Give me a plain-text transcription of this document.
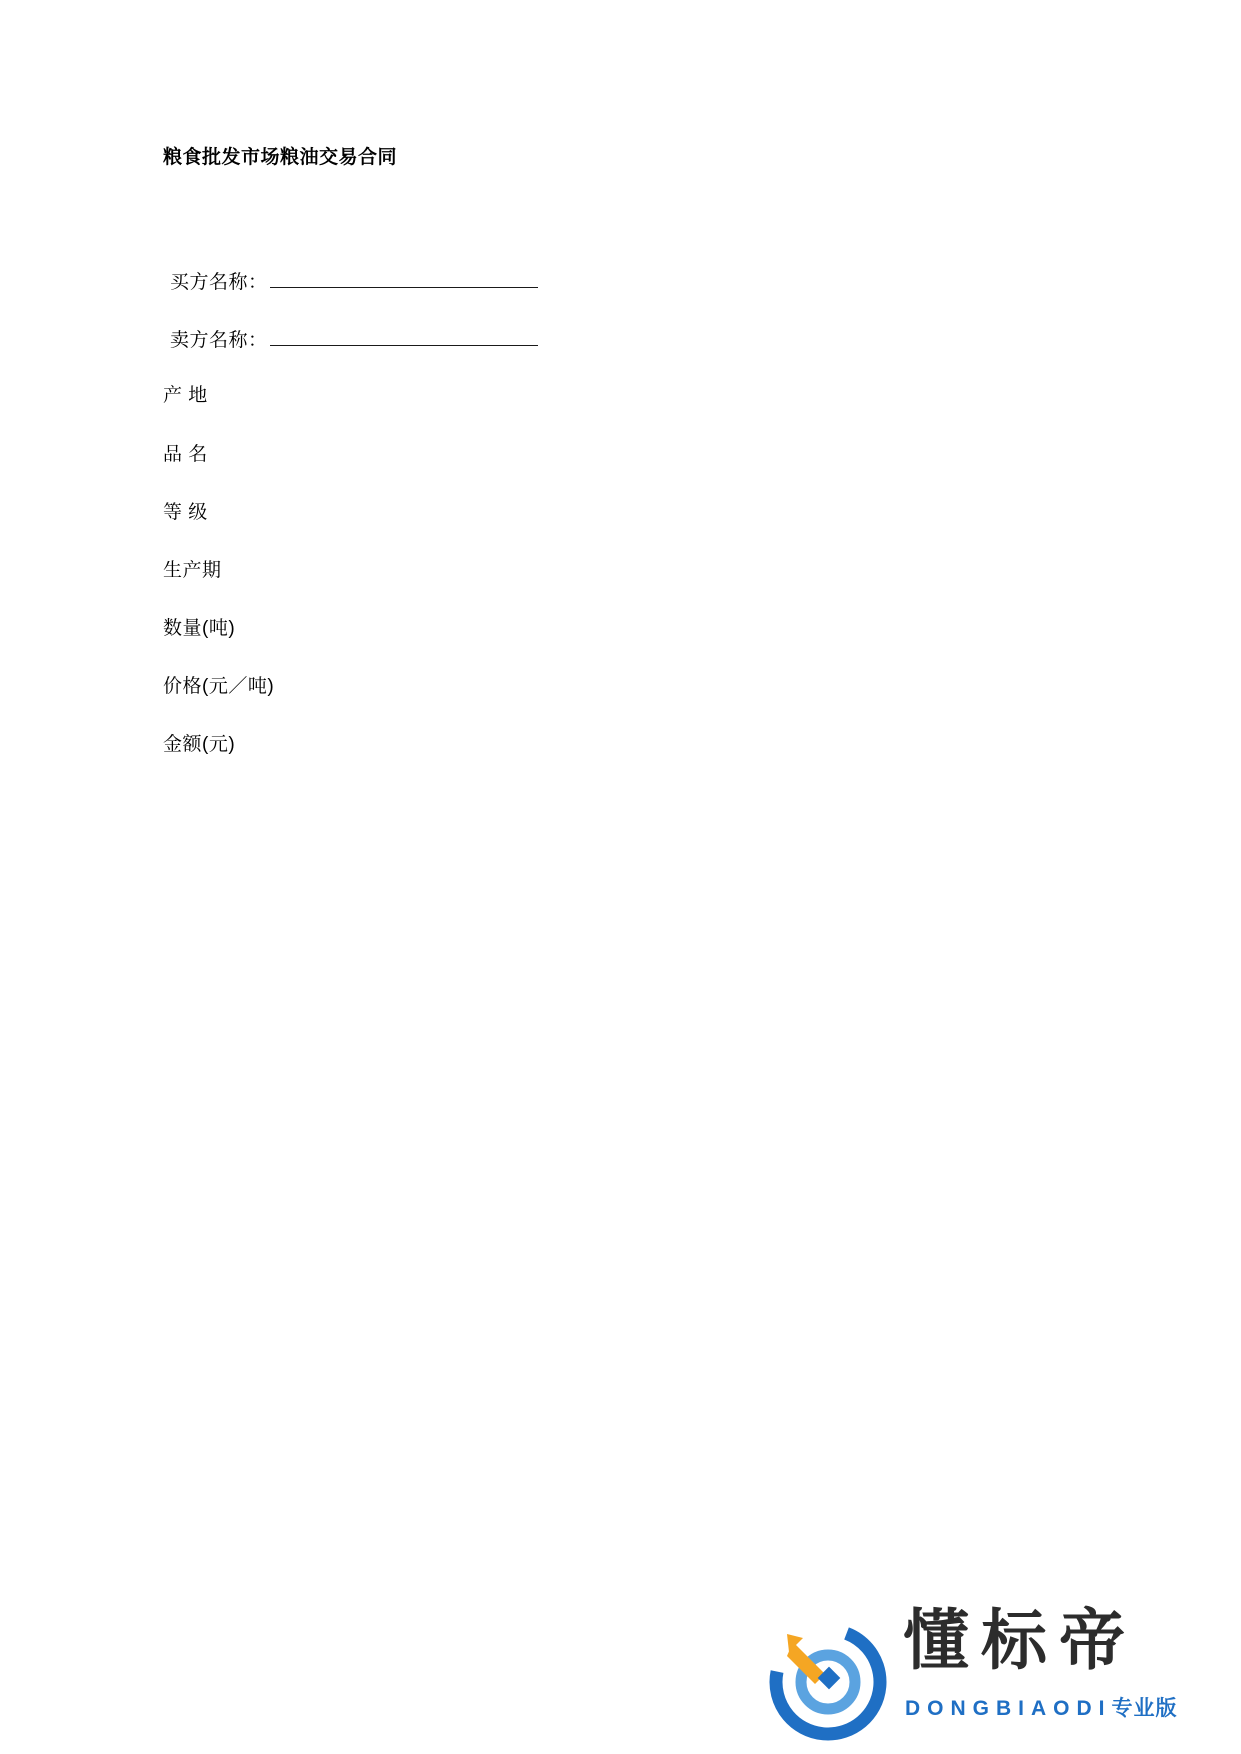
粮食批发市场粮油交易合同
买方名称：
卖方名称：
产 地
品 名
等 级
生产期
数量(吨)
价格(元／吨)
金额(元)
懂标帝
DONGBIAODI专业版
